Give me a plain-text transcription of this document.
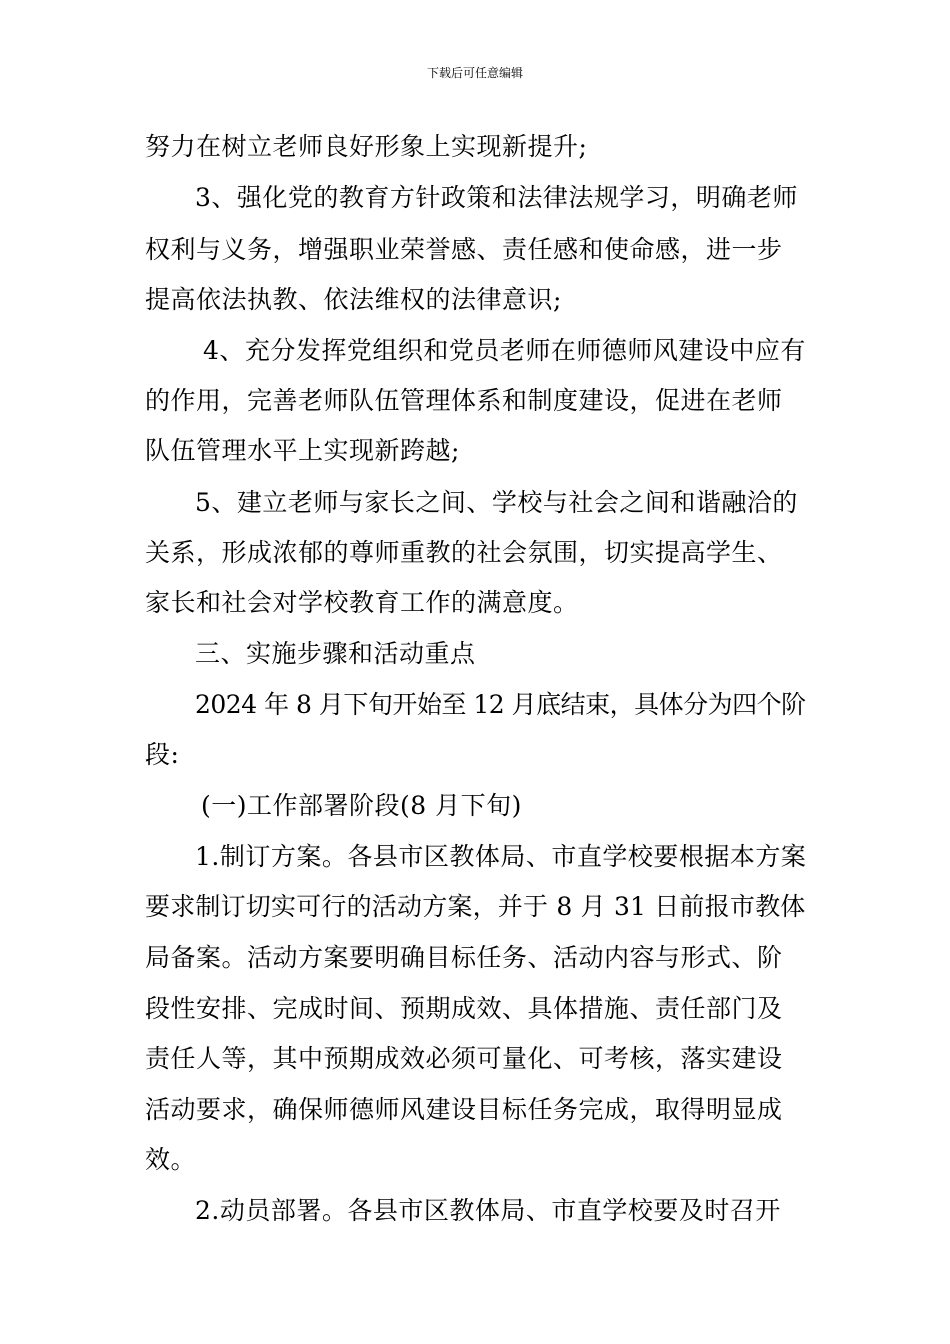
下载后可任意编辑
努力在树立老师良好形象上实现新提升;
3、强化党的教育方针政策和法律法规学习，明确老师
权利与义务，增强职业荣誉感、责任感和使命感，进一步
提高依法执教、依法维权的法律意识;
4、充分发挥党组织和党员老师在师德师风建设中应有
的作用，完善老师队伍管理体系和制度建设，促进在老师
队伍管理水平上实现新跨越;
5、建立老师与家长之间、学校与社会之间和谐融洽的
关系，形成浓郁的尊师重教的社会氛围，切实提高学生、
家长和社会对学校教育工作的满意度。
三、实施步骤和活动重点
2024 年 8 月下旬开始至 12 月底结束，具体分为四个阶
段:
(一)工作部署阶段(8 月下旬)
1.制订方案。各县市区教体局、市直学校要根据本方案
要求制订切实可行的活动方案，并于 8 月 31 日前报市教体
局备案。活动方案要明确目标任务、活动内容与形式、阶
段性安排、完成时间、预期成效、具体措施、责任部门及
责任人等，其中预期成效必须可量化、可考核，落实建设
活动要求，确保师德师风建设目标任务完成，取得明显成
效。
2.动员部署。各县市区教体局、市直学校要及时召开
